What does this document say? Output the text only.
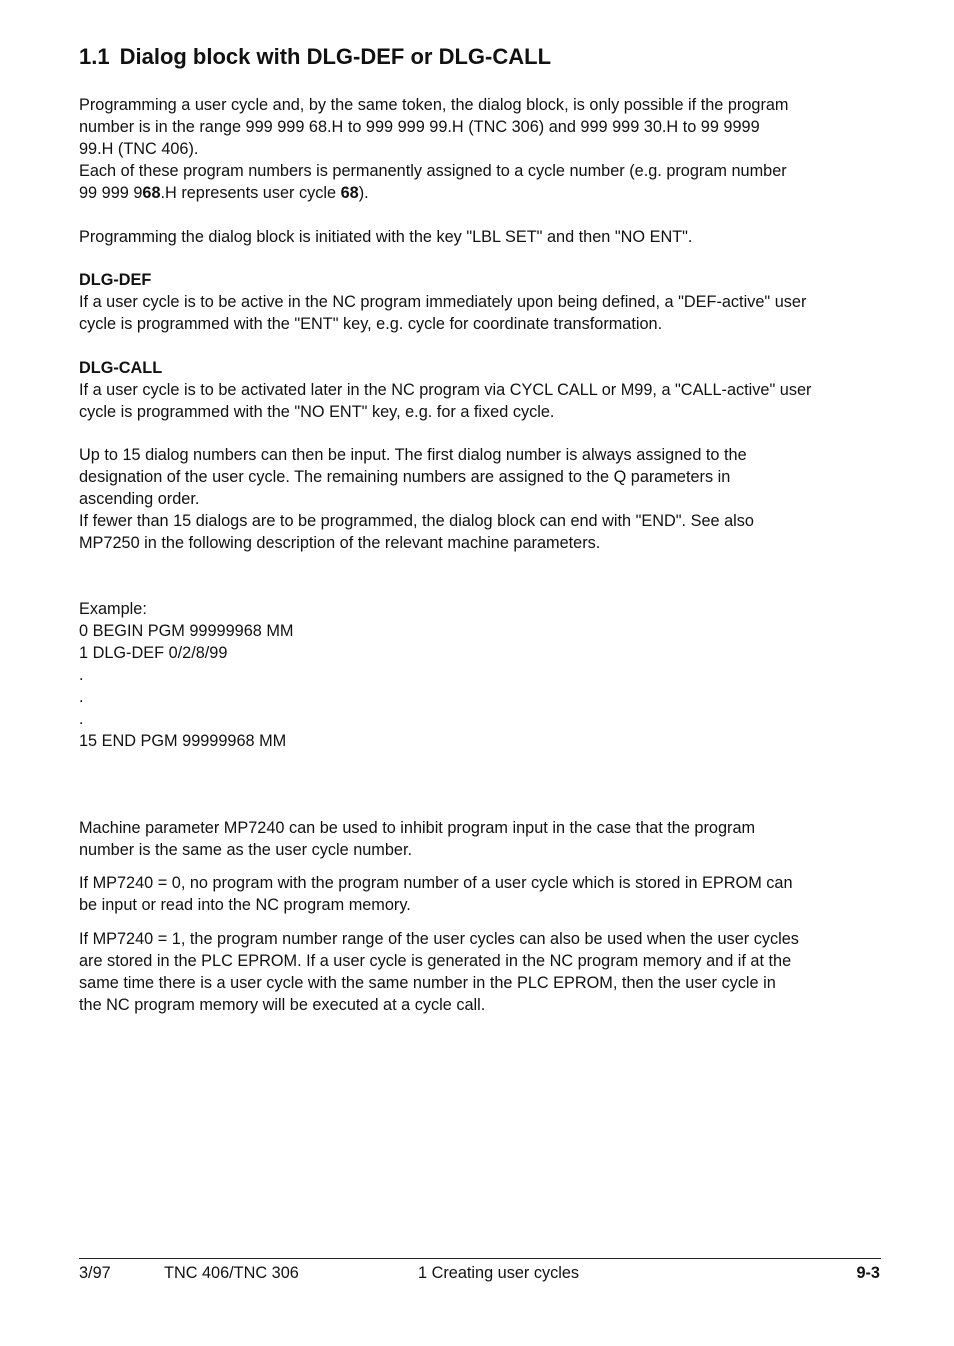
1.1 Dialog block with DLG-DEF or DLG-CALL

Programming a user cycle and, by the same token, the dialog block, is only possible if the program
number is in the range 999 999 68.H to 999 999 99.H (TNC 306) and 999 999 30.H to 99 9999
99.H (TNC 406).
Each of these program numbers is permanently assigned to a cycle number (e.g. program number
99 999 968.H represents user cycle 68).

Programming the dialog block is initiated with the key "LBL SET" and then "NO ENT".

DLG-DEF
If a user cycle is to be active in the NC program immediately upon being defined, a "DEF-active" user
cycle is programmed with the "ENT" key, e.g. cycle for coordinate transformation.

DLG-CALL
If a user cycle is to be activated later in the NC program via CYCL CALL or M99, a "CALL-active" user
cycle is programmed with the "NO ENT" key, e.g. for a fixed cycle.

Up to 15 dialog numbers can then be input. The first dialog number is always assigned to the
designation of the user cycle. The remaining numbers are assigned to the Q parameters in
ascending order.
If fewer than 15 dialogs are to be programmed, the dialog block can end with "END". See also
MP7250 in the following description of the relevant machine parameters.

Example:
0 BEGIN PGM 99999968 MM
1 DLG-DEF 0/2/8/99
.
.
.
15 END PGM 99999968 MM

Machine parameter MP7240 can be used to inhibit program input in the case that the program
number is the same as the user cycle number.

If MP7240 = 0, no program with the program number of a user cycle which is stored in EPROM can
be input or read into the NC program memory.

If MP7240 = 1, the program number range of the user cycles can also be used when the user cycles
are stored in the PLC EPROM. If a user cycle is generated in the NC program memory and if at the
same time there is a user cycle with the same number in the PLC EPROM, then the user cycle in
the NC program memory will be executed at a cycle call.

3/97	TNC 406/TNC 306	1 Creating user cycles	9-3
